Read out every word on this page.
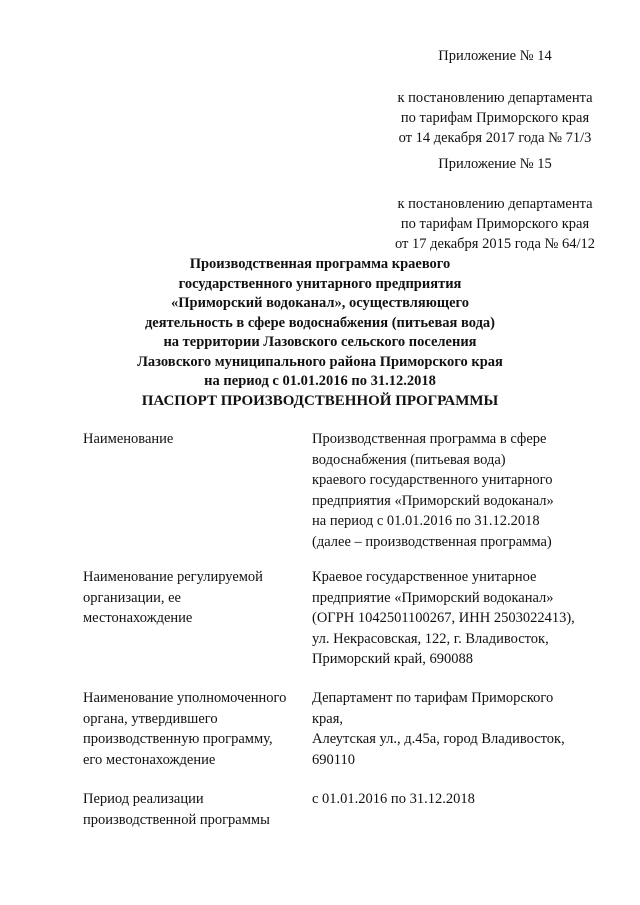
Приложение № 14
к постановлению департамента
по тарифам Приморского края
от 14 декабря 2017 года № 71/3
Приложение № 15
к постановлению департамента
по тарифам Приморского края
от 17 декабря 2015 года № 64/12
Производственная программа краевого
государственного унитарного предприятия
«Приморский водоканал», осуществляющего
деятельность в сфере водоснабжения (питьевая вода)
на территории Лазовского сельского поселения
Лазовского муниципального района Приморского края
на период с 01.01.2016 по 31.12.2018
ПАСПОРТ ПРОИЗВОДСТВЕННОЙ ПРОГРАММЫ
Наименование	Производственная программа в сфере
водоснабжения (питьевая вода)
краевого государственного унитарного
предприятия «Приморский водоканал»
на период с 01.01.2016 по 31.12.2018
(далее – производственная программа)
Наименование регулируемой
организации, ее
местонахождение
Краевое государственное унитарное
предприятие «Приморский водоканал»
(ОГРН 1042501100267, ИНН 2503022413),
ул. Некрасовская, 122, г. Владивосток,
Приморский край, 690088
Наименование уполномоченного
органа, утвердившего
производственную программу,
его местонахождение
Департамент по тарифам Приморского
края,
Алеутская ул., д.45а, город Владивосток,
690110
Период реализации
производственной программы
с 01.01.2016 по 31.12.2018
